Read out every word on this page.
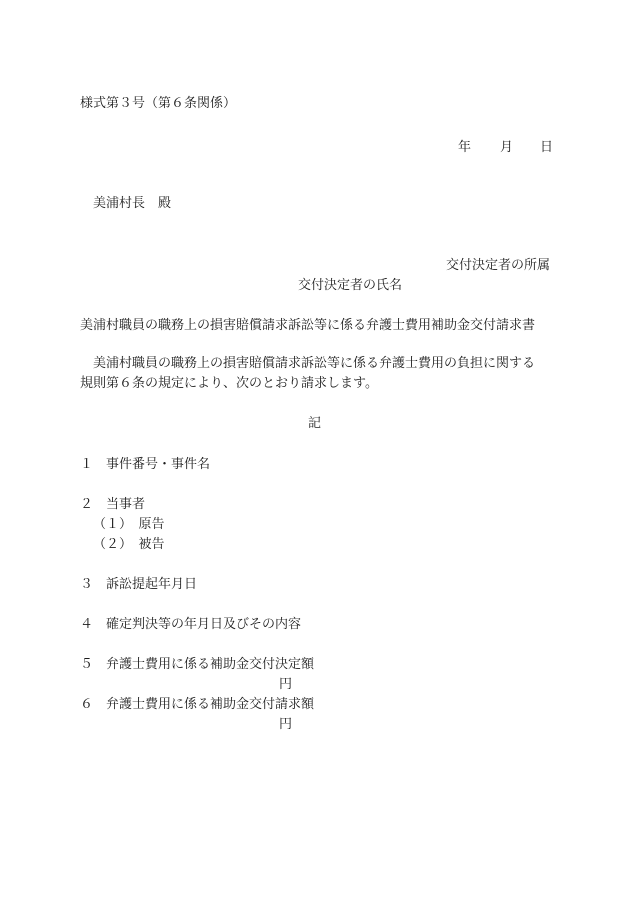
様式第３号（第６条関係）
年 月 日
美浦村長　殿
交付決定者の所属
交付決定者の氏名
美浦村職員の職務上の損害賠償請求訴訟等に係る弁護士費用補助金交付請求書
　美浦村職員の職務上の損害賠償請求訴訟等に係る弁護士費用の負担に関する
規則第６条の規定により、次のとおり請求します。
記
１　事件番号・事件名
２　当事者
（１）　原告
（２）　被告
３　訴訟提起年月日
４　確定判決等の年月日及びその内容
５　弁護士費用に係る補助金交付決定額
円
６　弁護士費用に係る補助金交付請求額
円
